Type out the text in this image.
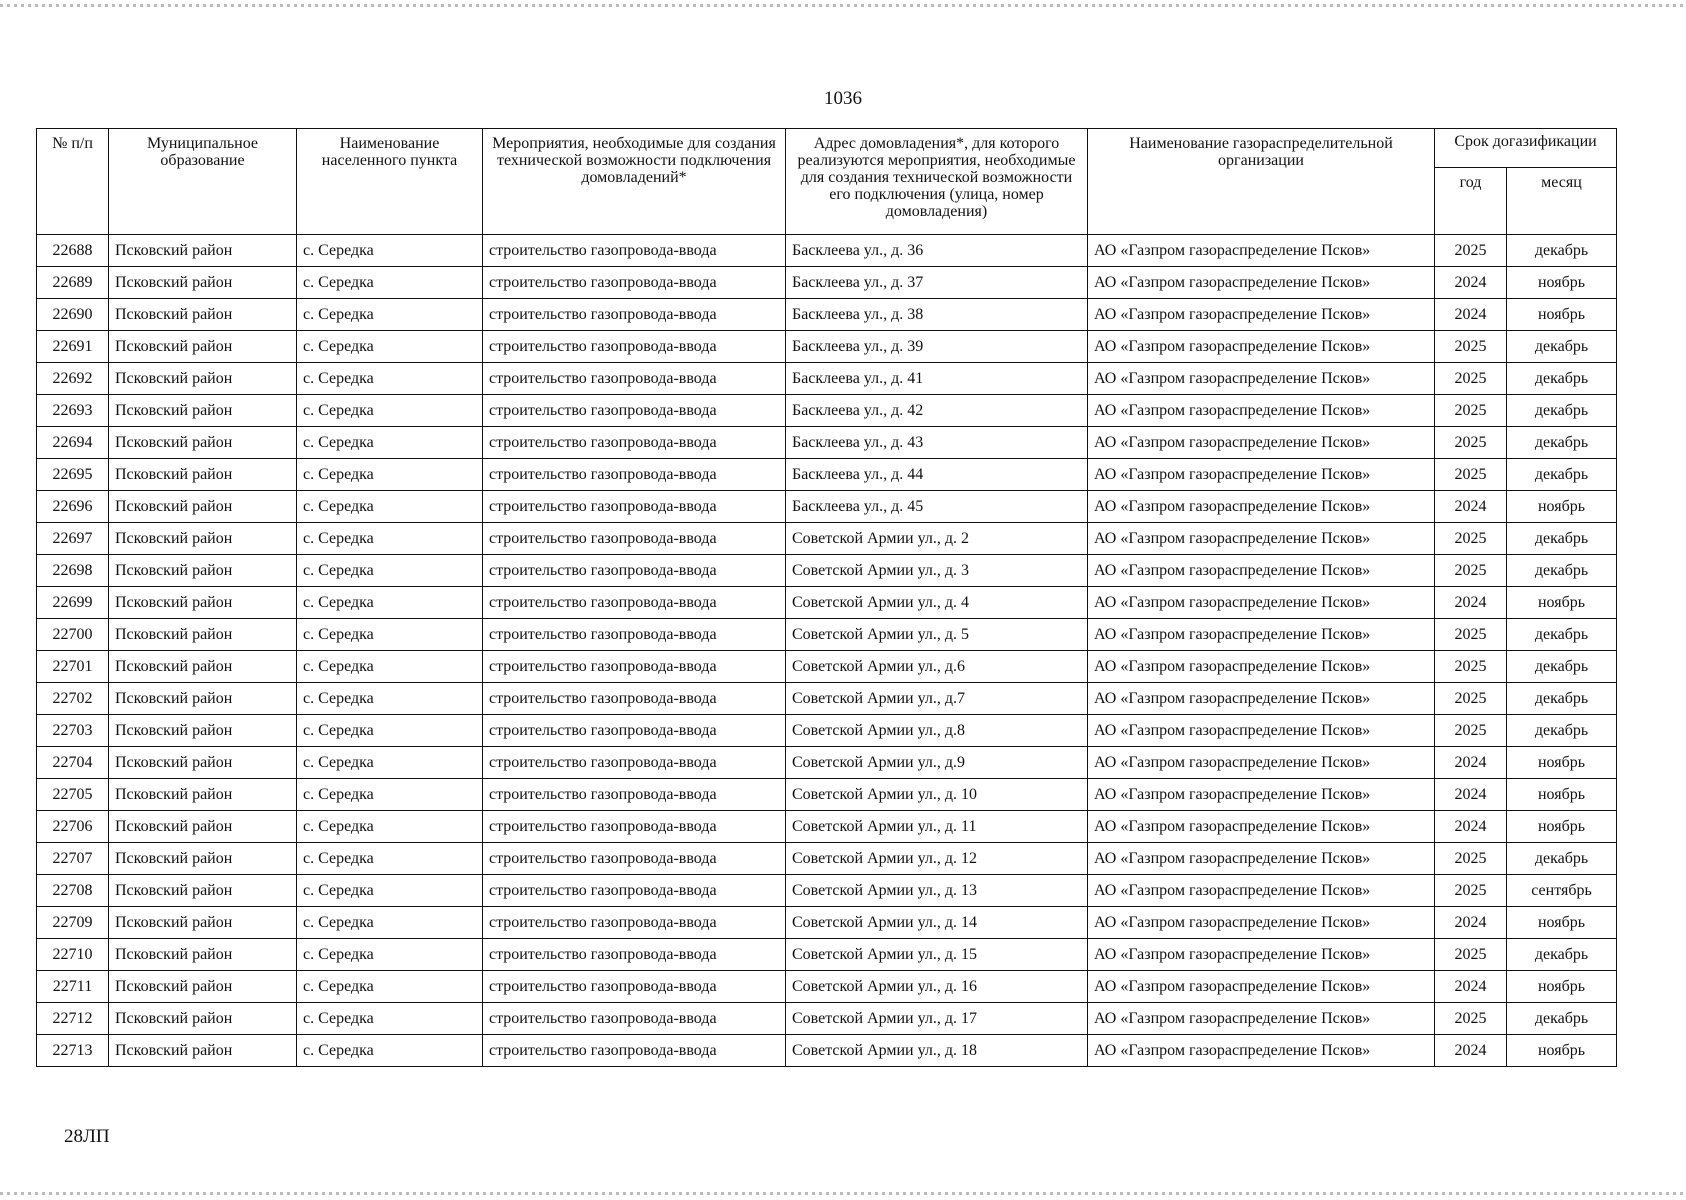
1036
№ п/п	Муниципальное образование	Наименование населенного пункта	Мероприятия, необходимые для создания технической возможности подключения домовладений*	Адрес домовладения*, для которого реализуются мероприятия, необходимые для создания технической возможности его подключения (улица, номер домовладения)	Наименование газораспределительной организации	Срок догазификации	
						год	месяц
22688	Псковский район	с. Середка	строительство газопровода-ввода	Басклеева ул., д. 36	АО «Газпром газораспределение Псков»	2025	декабрь
22689	Псковский район	с. Середка	строительство газопровода-ввода	Басклеева ул., д. 37	АО «Газпром газораспределение Псков»	2024	ноябрь
22690	Псковский район	с. Середка	строительство газопровода-ввода	Басклеева ул., д. 38	АО «Газпром газораспределение Псков»	2024	ноябрь
22691	Псковский район	с. Середка	строительство газопровода-ввода	Басклеева ул., д. 39	АО «Газпром газораспределение Псков»	2025	декабрь
22692	Псковский район	с. Середка	строительство газопровода-ввода	Басклеева ул., д. 41	АО «Газпром газораспределение Псков»	2025	декабрь
22693	Псковский район	с. Середка	строительство газопровода-ввода	Басклеева ул., д. 42	АО «Газпром газораспределение Псков»	2025	декабрь
22694	Псковский район	с. Середка	строительство газопровода-ввода	Басклеева ул., д. 43	АО «Газпром газораспределение Псков»	2025	декабрь
22695	Псковский район	с. Середка	строительство газопровода-ввода	Басклеева ул., д. 44	АО «Газпром газораспределение Псков»	2025	декабрь
22696	Псковский район	с. Середка	строительство газопровода-ввода	Басклеева ул., д. 45	АО «Газпром газораспределение Псков»	2024	ноябрь
22697	Псковский район	с. Середка	строительство газопровода-ввода	Советской Армии ул., д. 2	АО «Газпром газораспределение Псков»	2025	декабрь
22698	Псковский район	с. Середка	строительство газопровода-ввода	Советской Армии ул., д. 3	АО «Газпром газораспределение Псков»	2025	декабрь
22699	Псковский район	с. Середка	строительство газопровода-ввода	Советской Армии ул., д. 4	АО «Газпром газораспределение Псков»	2024	ноябрь
22700	Псковский район	с. Середка	строительство газопровода-ввода	Советской Армии ул., д. 5	АО «Газпром газораспределение Псков»	2025	декабрь
22701	Псковский район	с. Середка	строительство газопровода-ввода	Советской Армии ул., д.6	АО «Газпром газораспределение Псков»	2025	декабрь
22702	Псковский район	с. Середка	строительство газопровода-ввода	Советской Армии ул., д.7	АО «Газпром газораспределение Псков»	2025	декабрь
22703	Псковский район	с. Середка	строительство газопровода-ввода	Советской Армии ул., д.8	АО «Газпром газораспределение Псков»	2025	декабрь
22704	Псковский район	с. Середка	строительство газопровода-ввода	Советской Армии ул., д.9	АО «Газпром газораспределение Псков»	2024	ноябрь
22705	Псковский район	с. Середка	строительство газопровода-ввода	Советской Армии ул., д. 10	АО «Газпром газораспределение Псков»	2024	ноябрь
22706	Псковский район	с. Середка	строительство газопровода-ввода	Советской Армии ул., д. 11	АО «Газпром газораспределение Псков»	2024	ноябрь
22707	Псковский район	с. Середка	строительство газопровода-ввода	Советской Армии ул., д. 12	АО «Газпром газораспределение Псков»	2025	декабрь
22708	Псковский район	с. Середка	строительство газопровода-ввода	Советской Армии ул., д. 13	АО «Газпром газораспределение Псков»	2025	сентябрь
22709	Псковский район	с. Середка	строительство газопровода-ввода	Советской Армии ул., д. 14	АО «Газпром газораспределение Псков»	2024	ноябрь
22710	Псковский район	с. Середка	строительство газопровода-ввода	Советской Армии ул., д. 15	АО «Газпром газораспределение Псков»	2025	декабрь
22711	Псковский район	с. Середка	строительство газопровода-ввода	Советской Армии ул., д. 16	АО «Газпром газораспределение Псков»	2024	ноябрь
22712	Псковский район	с. Середка	строительство газопровода-ввода	Советской Армии ул., д. 17	АО «Газпром газораспределение Псков»	2025	декабрь
22713	Псковский район	с. Середка	строительство газопровода-ввода	Советской Армии ул., д. 18	АО «Газпром газораспределение Псков»	2024	ноябрь
28ЛП
